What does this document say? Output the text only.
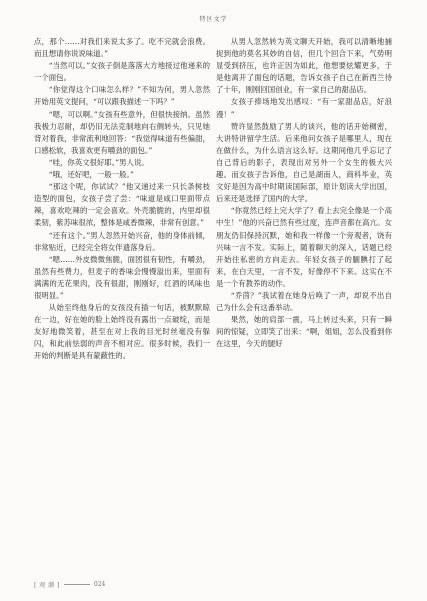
特区文学

点，那个……对我们来说太多了。吃不完就会浪费。而且想请你说说味道。”

“当然可以。”女孩子倒是落落大方地接过他递来的一个面包。

“你觉得这个口味怎么样？”不知为何，男人忽然开始用英文提问，“可以跟我描述一下吗？”

“嗯，可以啊。”女孩有些意外，但很快接纳。虽然我极力忍耐，却仍旧无法克制地向右侧转头，只见她背对着我，非常流利地回答：“我觉得味道有些偏甜，口感松软，我喜欢更有嚼劲的面包。”

“哇，你英文很好耶。”男人说。

“哦，还好吧，一般一般。”

“那这个呢，你试试？”他又递过来一只长条树枝造型的面包，女孩子尝了尝：“味道是咸口里面带点辣，喜欢吃辣的一定会喜欢。外壳脆脆的，内里却很柔韧，紫苏味很浓，整体是咸香微辣，非常有创意。”

“还有这个。”男人忽然开始兴奋，他的身体前倾，非常贴近，已经完全将女伴遗落身后。

“嗯……外皮微微焦脆，面团很有韧性，有嚼劲，虽然有些费力，但麦子的香味会慢慢溢出来，里面有满满的无花果肉，没有很甜，刚刚好，红酒的风味也很明显。”

从始至终他身后的女孩没有插一句话，被默默晾在一边，好在她的脸上始终没有露出一点破绽，而是友好地微笑着，甚至在对上我的目光时丝毫没有躲闪，和此前怯弱的声音不相对应。很多时候，我们一开始的判断是具有蒙蔽性的。

从男人忽然转为英文聊天开始，我可以清晰地捕捉到他的莫名其妙的自信，但几个回合下来，气势明显受到挤压，也许正因为如此，他想要炫耀更多，于是他离开了面包的话题，告诉女孩子自己在新西兰待了十年，刚刚回国创业，有一家自己的甜品店。

女孩子捧场地发出感叹：“有一家甜品店，好浪漫！”

赞许显然鼓励了男人的谈兴，他的话开始稠密，大讲特讲留学生活。后来他问女孩子是哪里人，现在在做什么，为什么语言这么好。这期间他几乎忘记了自己背后的影子，表现出对另外一个女生的极大兴趣。而女孩子告诉他，自己是湖南人，商科毕业，英文好是因为高中时期读国际部，原计划读大学出国，后来还是选择了国内的大学。

“你竟然已经上完大学了？看上去完全像是一个高中生！”他的兴奋已然有些过度，连声音都在高亢。女朋友仍旧保持沉默，她和我一样像一个旁观者，饶有兴味一言不发。实际上，随着聊天的深入，话题已经开始往私密的方向走去。年轻女孩子的腼腆打了起来，在白天里，一言不发，好像停不下来。这实在不是一个有教养的动作。

“乔茵？”我试着在她身后唤了一声，却说不出自己为什么会有这番举动。

果然，她的肩部一震，马上转过头来，只有一瞬间的惊疑，立即笑了出来：“啊，姐姐，怎么没看到你在这里，今天的腿好

[ 观 潮 ]	024
